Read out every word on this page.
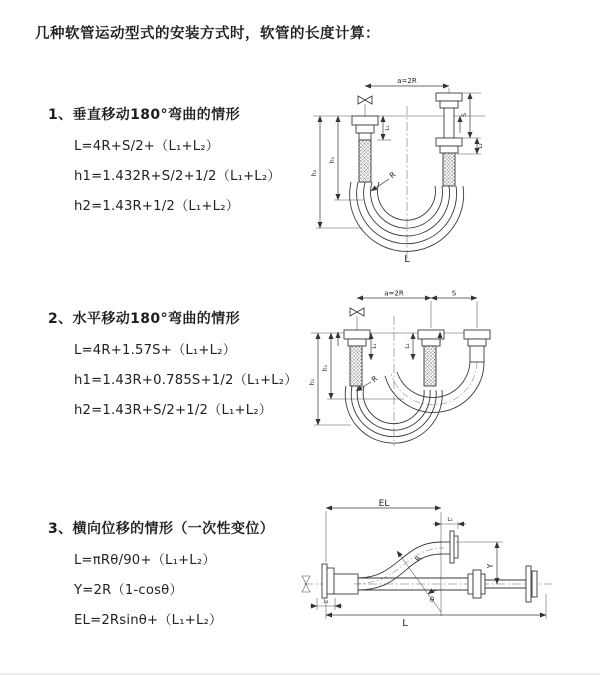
几种软管运动型式的安装方式时，软管的长度计算：
1、垂直移动180°弯曲的情形
L=4R+S/2+（L₁+L₂）
h1=1.432R+S/2+1/2（L₁+L₂）
h2=1.43R+1/2（L₁+L₂）
a=2R
L₁
S
L₂
h₁
h₂	R
L
2、水平移动180°弯曲的情形
L=4R+1.57S+（L₁+L₂）
h1=1.43R+0.785S+1/2（L₁+L₂）
h2=1.43R+S/2+1/2（L₁+L₂）
a=2R	S
L₁	L₂
h₁
h₂	R
3、横向位移的情形（一次性变位）
L=πRθ/90+（L₁+L₂）
Y=2R（1-cosθ）
EL=2Rsinθ+（L₁+L₂）
EL
L₂
Y
R
θ
L₁
L
